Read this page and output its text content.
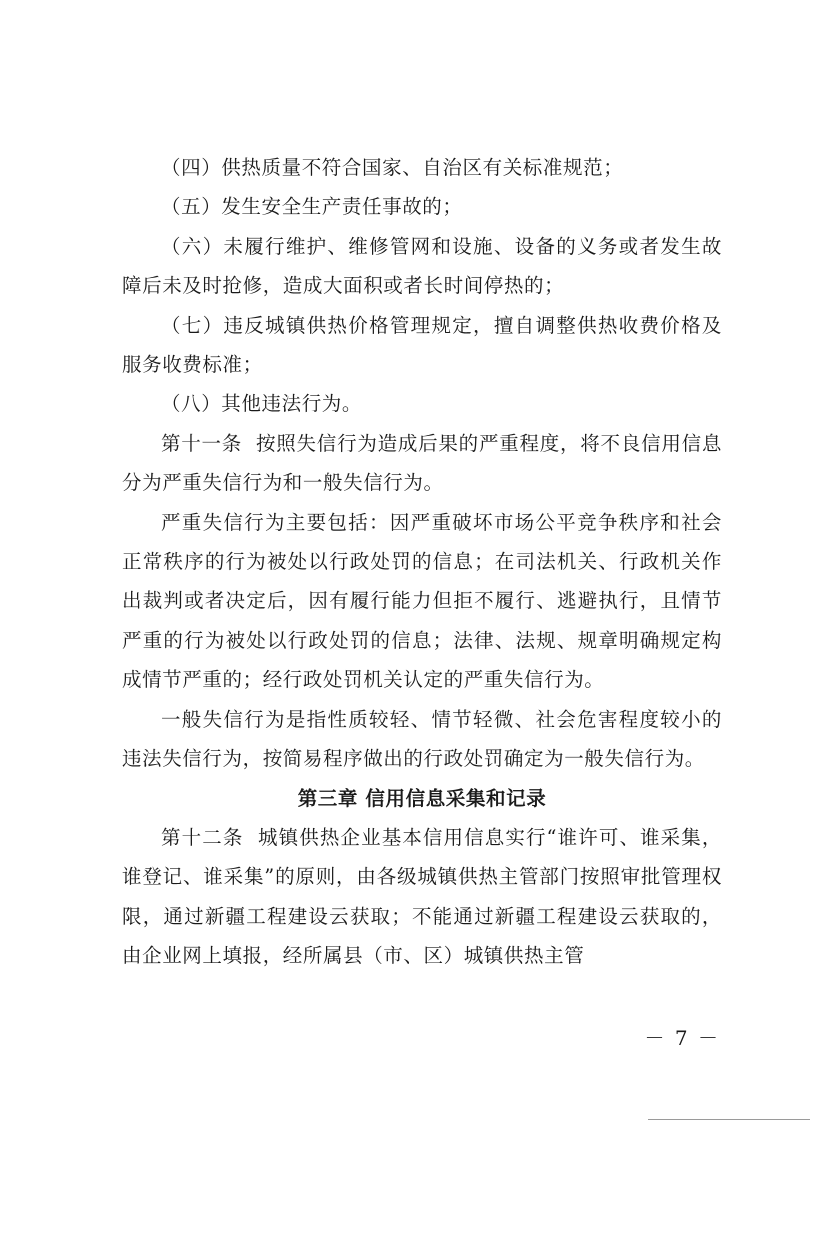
（四）供热质量不符合国家、自治区有关标准规范；

（五）发生安全生产责任事故的；

（六）未履行维护、维修管网和设施、设备的义务或者发生故障后未及时抢修，造成大面积或者长时间停热的；

（七）违反城镇供热价格管理规定，擅自调整供热收费价格及服务收费标准；

（八）其他违法行为。

第十一条  按照失信行为造成后果的严重程度，将不良信用信息分为严重失信行为和一般失信行为。

严重失信行为主要包括：因严重破坏市场公平竞争秩序和社会正常秩序的行为被处以行政处罚的信息；在司法机关、行政机关作出裁判或者决定后，因有履行能力但拒不履行、逃避执行，且情节严重的行为被处以行政处罚的信息；法律、法规、规章明确规定构成情节严重的；经行政处罚机关认定的严重失信行为。

一般失信行为是指性质较轻、情节轻微、社会危害程度较小的违法失信行为，按简易程序做出的行政处罚确定为一般失信行为。

第三章 信用信息采集和记录

第十二条  城镇供热企业基本信用信息实行“谁许可、谁采集，谁登记、谁采集”的原则，由各级城镇供热主管部门按照审批管理权限，通过新疆工程建设云获取；不能通过新疆工程建设云获取的，由企业网上填报，经所属县（市、区）城镇供热主管

－ 7 －
